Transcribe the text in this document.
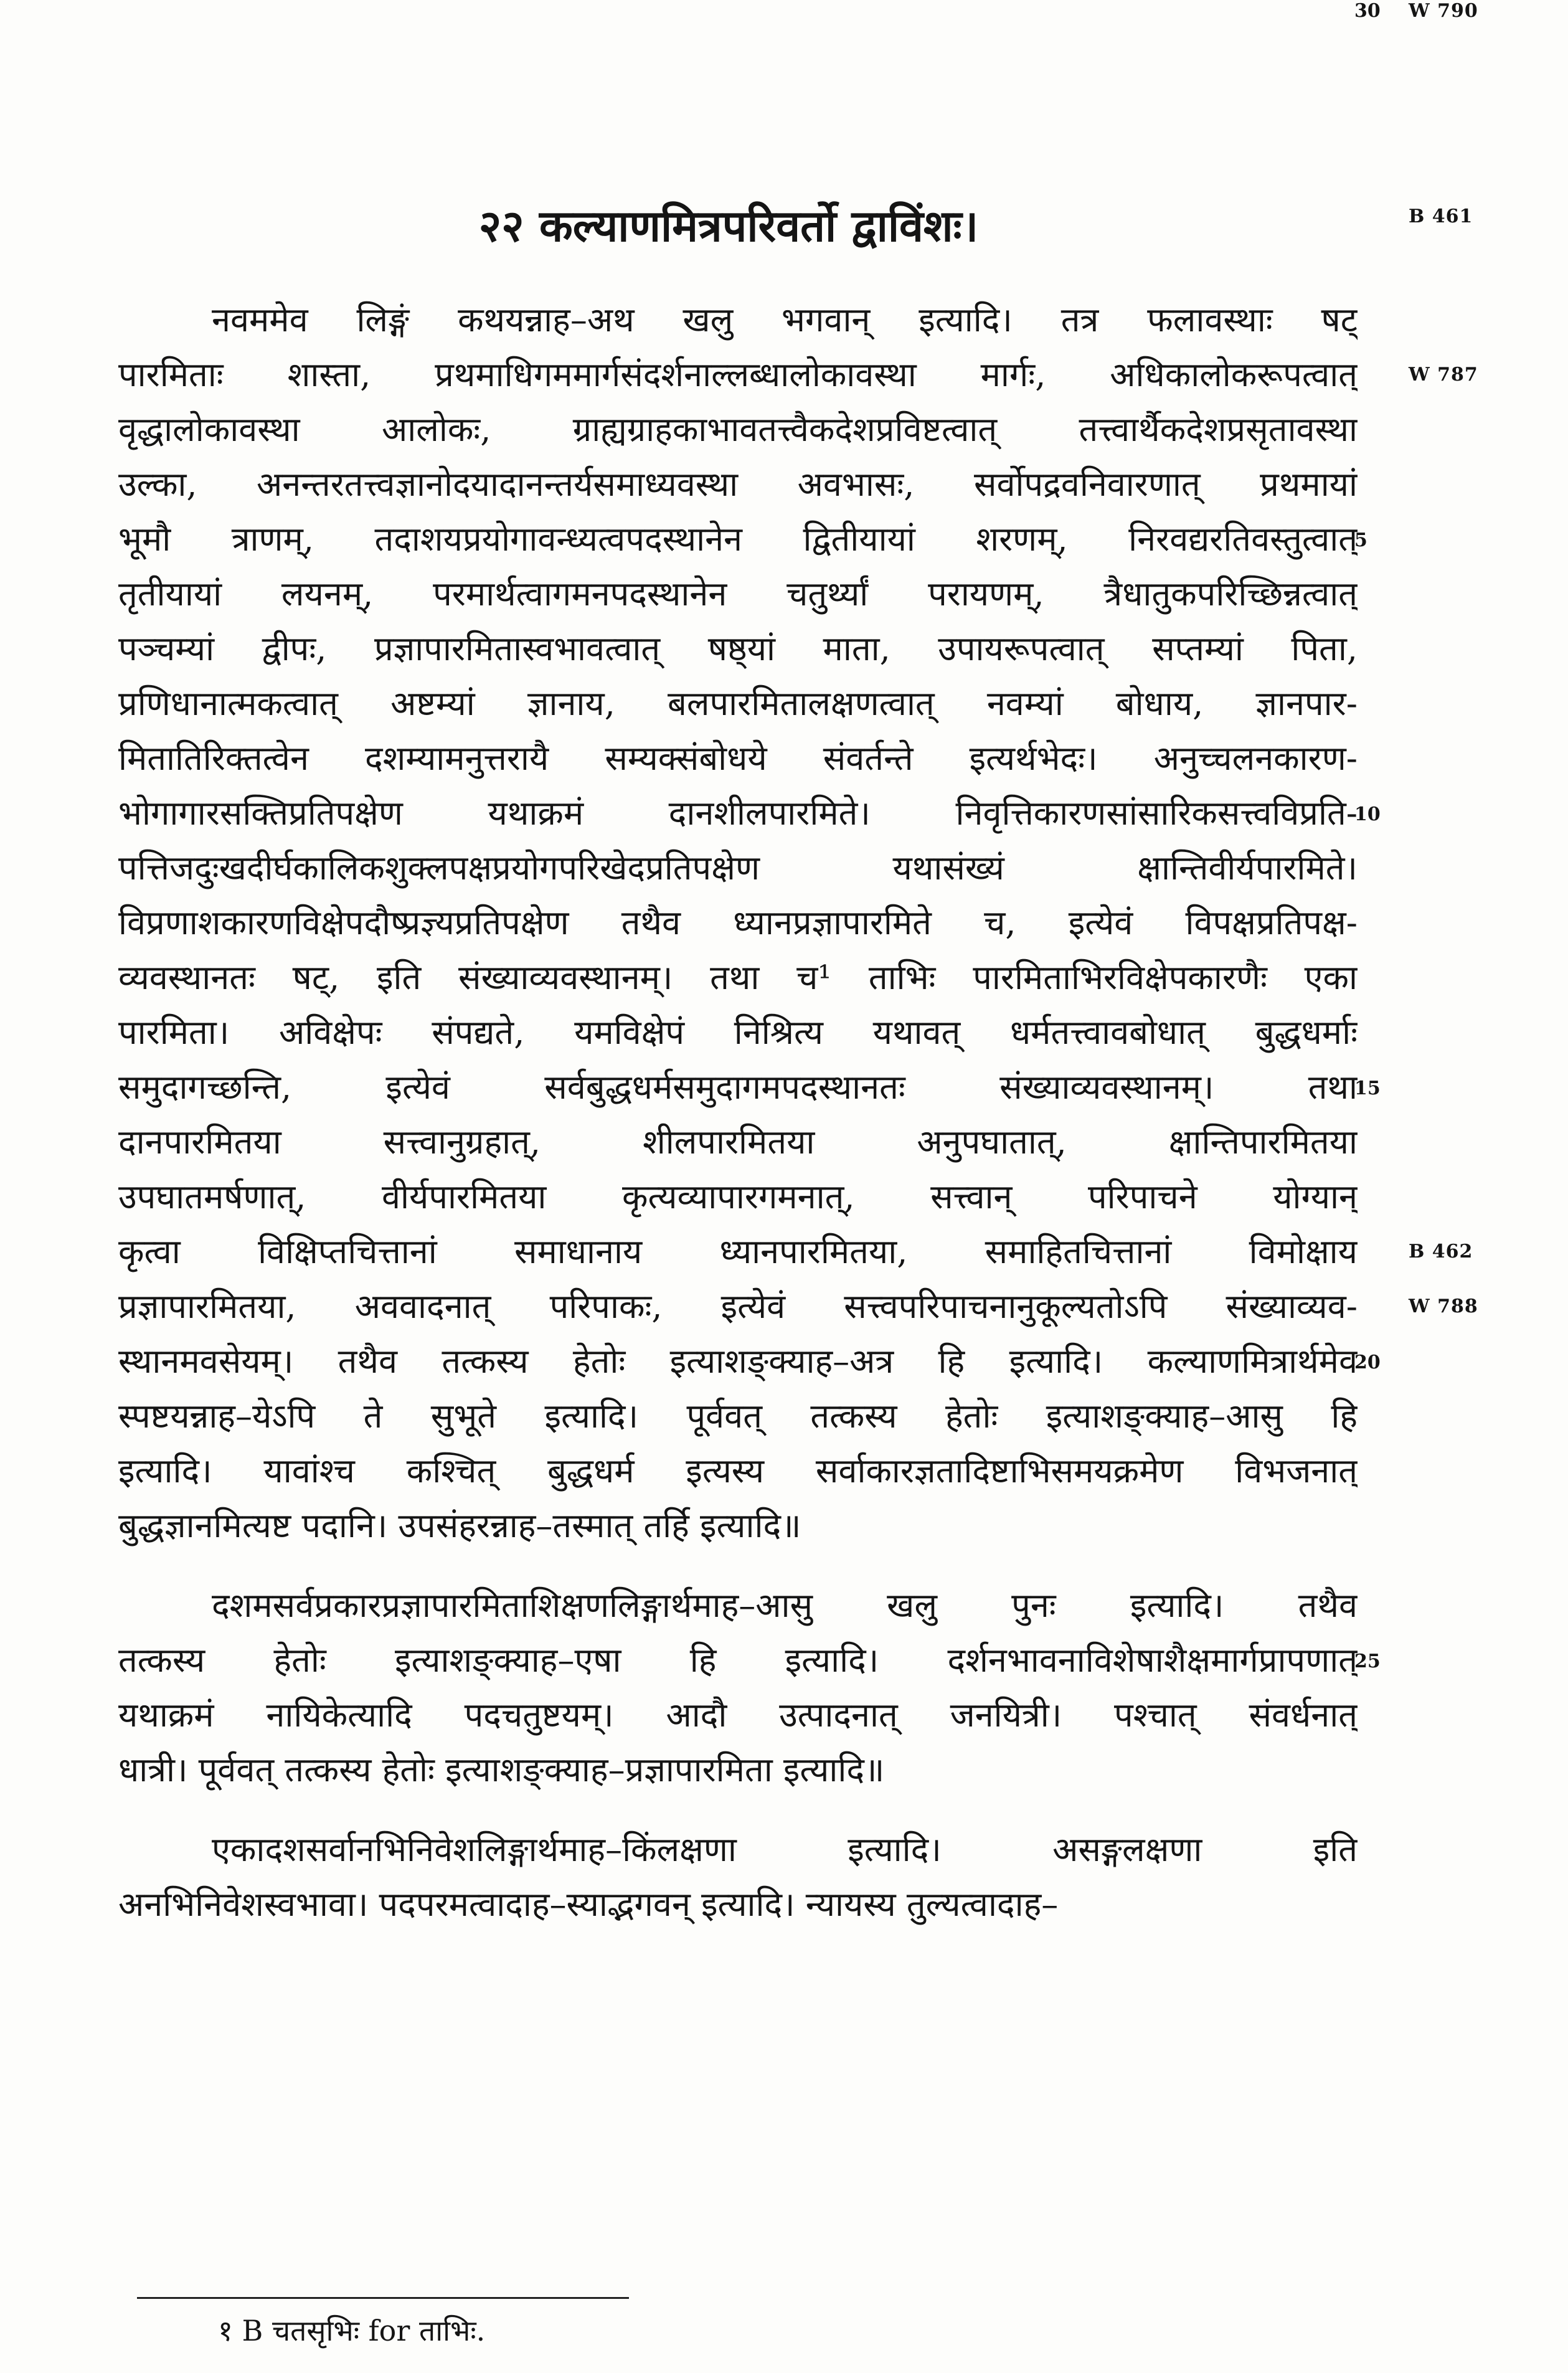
२२ कल्याणमित्रपरिवर्तो द्वाविंशः।	B 461
W 787
B 462
W 788
W 790
5
10
15
20
25
30
नवममेव लिङ्गं कथयन्नाह–अथ खलु भगवान् इत्यादि। तत्र फलावस्थाः षट्
पारमिताः शास्ता, प्रथमाधिगममार्गसंदर्शनाल्लब्धालोकावस्था मार्गः, अधिकालोकरूपत्वात्
वृद्धालोकावस्था आलोकः, ग्राह्यग्राहकाभावतत्त्वैकदेशप्रविष्टत्वात् तत्त्वार्थैकदेशप्रसृतावस्था
उल्का, अनन्तरतत्त्वज्ञानोदयादानन्तर्यसमाध्यवस्था अवभासः, सर्वोपद्रवनिवारणात् प्रथमायां
भूमौ त्राणम्, तदाशयप्रयोगावन्ध्यत्वपदस्थानेन द्वितीयायां शरणम्, निरवद्यरतिवस्तुत्वात्
तृतीयायां लयनम्, परमार्थत्वागमनपदस्थानेन चतुर्थ्यां परायणम्, त्रैधातुकपरिच्छिन्नत्वात्
पञ्चम्यां द्वीपः, प्रज्ञापारमितास्वभावत्वात् षष्ठ्यां माता, उपायरूपत्वात् सप्तम्यां पिता,
प्रणिधानात्मकत्वात् अष्टम्यां ज्ञानाय, बलपारमितालक्षणत्वात् नवम्यां बोधाय, ज्ञानपार-
मितातिरिक्तत्वेन दशम्यामनुत्तरायै सम्यक्संबोधये संवर्तन्ते इत्यर्थभेदः। अनुच्चलनकारण-
भोगागारसक्तिप्रतिपक्षेण यथाक्रमं दानशीलपारमिते। निवृत्तिकारणसांसारिकसत्त्वविप्रति-
पत्तिजदुःखदीर्घकालिकशुक्लपक्षप्रयोगपरिखेदप्रतिपक्षेण यथासंख्यं क्षान्तिवीर्यपारमिते।
विप्रणाशकारणविक्षेपदौष्प्रज्ञ्यप्रतिपक्षेण तथैव ध्यानप्रज्ञापारमिते च, इत्येवं विपक्षप्रतिपक्ष-
व्यवस्थानतः षट्, इति संख्याव्यवस्थानम्। तथा च¹ ताभिः पारमिताभिरविक्षेपकारणैः एका
पारमिता। अविक्षेपः संपद्यते, यमविक्षेपं निश्रित्य यथावत् धर्मतत्त्वावबोधात् बुद्धधर्माः
समुदागच्छन्ति, इत्येवं सर्वबुद्धधर्मसमुदागमपदस्थानतः संख्याव्यवस्थानम्। तथा
दानपारमितया सत्त्वानुग्रहात्, शीलपारमितया अनुपघातात्, क्षान्तिपारमितया
उपघातमर्षणात्, वीर्यपारमितया कृत्यव्यापारगमनात्, सत्त्वान् परिपाचने योग्यान्
कृत्वा विक्षिप्तचित्तानां समाधानाय ध्यानपारमितया, समाहितचित्तानां विमोक्षाय
प्रज्ञापारमितया, अववादनात् परिपाकः, इत्येवं सत्त्वपरिपाचनानुकूल्यतोऽपि संख्याव्यव-
स्थानमवसेयम्। तथैव तत्कस्य हेतोः इत्याशङ्क्याह–अत्र हि इत्यादि। कल्याणमित्रार्थमेव
स्पष्टयन्नाह–येऽपि ते सुभूते इत्यादि। पूर्ववत् तत्कस्य हेतोः इत्याशङ्क्याह–आसु हि
इत्यादि। यावांश्च कश्चित् बुद्धधर्म इत्यस्य सर्वाकारज्ञतादिष्टाभिसमयक्रमेण विभजनात्
बुद्धज्ञानमित्यष्ट पदानि। उपसंहरन्नाह–तस्मात् तर्हि इत्यादि॥
दशमसर्वप्रकारप्रज्ञापारमिताशिक्षणलिङ्गार्थमाह–आसु खलु पुनः इत्यादि। तथैव
तत्कस्य हेतोः इत्याशङ्क्याह–एषा हि इत्यादि। दर्शनभावनाविशेषाशैक्षमार्गप्रापणात्
यथाक्रमं नायिकेत्यादि पदचतुष्टयम्। आदौ उत्पादनात् जनयित्री। पश्चात् संवर्धनात्
धात्री। पूर्ववत् तत्कस्य हेतोः इत्याशङ्क्याह–प्रज्ञापारमिता इत्यादि॥
एकादशसर्वानभिनिवेशलिङ्गार्थमाह–किंलक्षणा इत्यादि। असङ्गलक्षणा इति
अनभिनिवेशस्वभावा। पदपरमत्वादाह–स्याद्भगवन् इत्यादि। न्यायस्य तुल्यत्वादाह–
१ B चतसृभिः for ताभिः.
